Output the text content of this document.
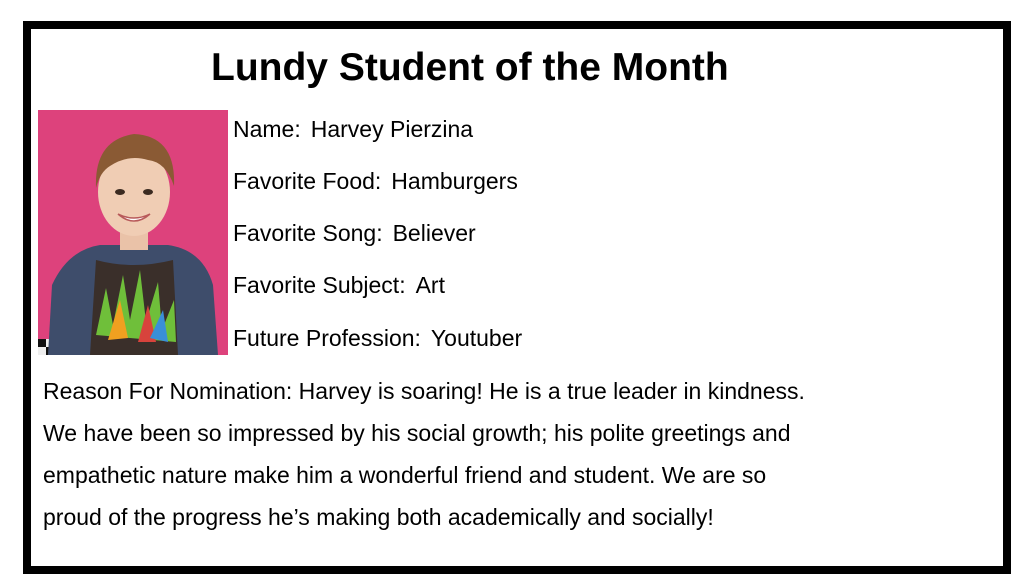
Lundy Student of the Month
Name: Harvey Pierzina
Favorite Food: Hamburgers
Favorite Song: Believer
Favorite Subject: Art
Future Profession: Youtuber
Reason For Nomination: Harvey is soaring! He is a true leader in kindness.
We have been so impressed by his social growth; his polite greetings and
empathetic nature make him a wonderful friend and student. We are so
proud of the progress he’s making both academically and socially!
